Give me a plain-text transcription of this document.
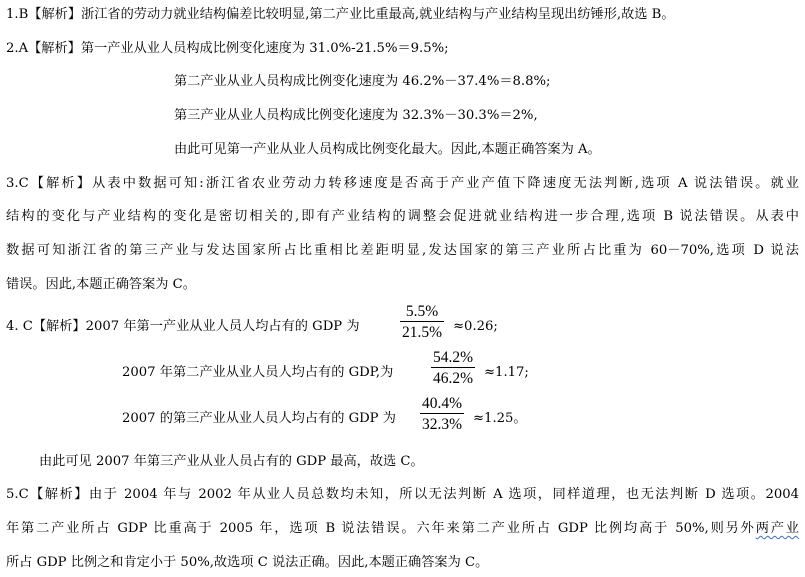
1.B【解析】浙江省的劳动力就业结构偏差比较明显,第二产业比重最高,就业结构与产业结构呈现出纺锤形,故选 B。
2.A【解析】第一产业从业人员构成比例变化速度为 31.0%-21.5%＝9.5%;
第二产业从业人员构成比例变化速度为 46.2%－37.4%＝8.8%;
第三产业从业人员构成比例变化速度为 32.3%－30.3%＝2%,
由此可见第一产业从业人员构成比例变化最大。因此,本题正确答案为 A。
3.C【解析】从表中数据可知:浙江省农业劳动力转移速度是否高于产业产值下降速度无法判断,选项 A 说法错误。就业
结构的变化与产业结构的变化是密切相关的,即有产业结构的调整会促进就业结构进一步合理,选项 B 说法错误。从表中
数据可知浙江省的第三产业与发达国家所占比重相比差距明显,发达国家的第三产业所占比重为 60－70%,选项 D 说法
错误。因此,本题正确答案为 C。
4. C【解析】2007 年第一产业从业人员人均占有的 GDP 为
5.5%
21.5% ≈0.26;
2007 年第二产业从业人员人均占有的 GDP,为
54.2%
46.2% ≈1.17;
2007 的第三产业从业人员人均占有的 GDP 为
40.4%
32.3% ≈1.25。
由此可见 2007 年第三产业从业人员占有的 GDP 最高，故选 C。
5.C【解析】由于 2004 年与 2002 年从业人员总数均未知，所以无法判断 A 选项，同样道理，也无法判断 D 选项。2004
年第二产业所占 GDP 比重高于 2005 年，选项 B 说法错误。六年来第二产业所占 GDP 比例均高于 50%,则另外两产业
所占 GDP 比例之和肯定小于 50%,故选项 C 说法正确。因此,本题正确答案为 C。
